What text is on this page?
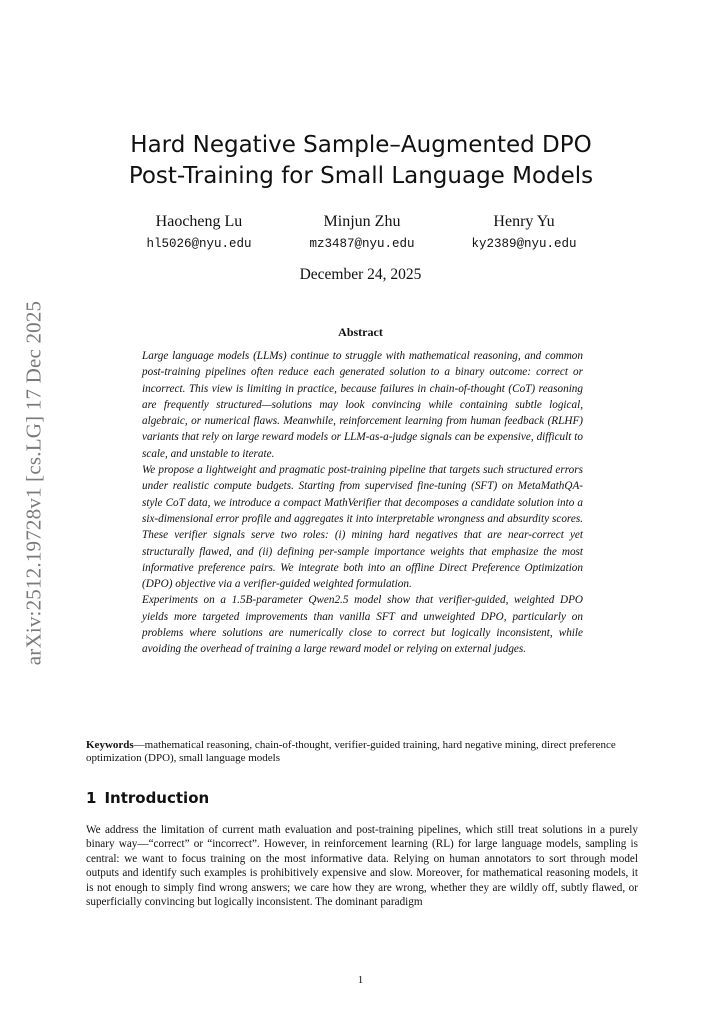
arXiv:2512.19728v1 [cs.LG] 17 Dec 2025
Hard Negative Sample–Augmented DPO
Post-Training for Small Language Models
Haocheng Lu
hl5026@nyu.edu
Minjun Zhu
mz3487@nyu.edu
Henry Yu
ky2389@nyu.edu
December 24, 2025
Abstract

Large language models (LLMs) continue to struggle with mathematical reasoning, and common post-training pipelines often reduce each generated solution to a binary outcome: correct or incorrect. This view is limiting in practice, because failures in chain-of-thought (CoT) reasoning are frequently structured—solutions may look convincing while containing subtle logical, algebraic, or numerical flaws. Meanwhile, reinforcement learning from human feedback (RLHF) variants that rely on large reward models or LLM-as-a-judge signals can be expensive, difficult to scale, and unstable to iterate.

We propose a lightweight and pragmatic post-training pipeline that targets such structured errors under realistic compute budgets. Starting from supervised fine-tuning (SFT) on MetaMathQA-style CoT data, we introduce a compact MathVerifier that decomposes a candidate solution into a six-dimensional error profile and aggregates it into interpretable wrongness and absurdity scores. These verifier signals serve two roles: (i) mining hard negatives that are near-correct yet structurally flawed, and (ii) defining per-sample importance weights that emphasize the most informative preference pairs. We integrate both into an offline Direct Preference Optimization (DPO) objective via a verifier-guided weighted formulation.

Experiments on a 1.5B-parameter Qwen2.5 model show that verifier-guided, weighted DPO yields more targeted improvements than vanilla SFT and unweighted DPO, particularly on problems where solutions are numerically close to correct but logically inconsistent, while avoiding the overhead of training a large reward model or relying on external judges.

Keywords—mathematical reasoning, chain-of-thought, verifier-guided training, hard negative mining, direct preference optimization (DPO), small language models
1 Introduction

We address the limitation of current math evaluation and post-training pipelines, which still treat solutions in a purely binary way—“correct” or “incorrect”. However, in reinforcement learning (RL) for large language models, sampling is central: we want to focus training on the most informative data. Relying on human annotators to sort through model outputs and identify such examples is prohibitively expensive and slow. Moreover, for mathematical reasoning models, it is not enough to simply find wrong answers; we care how they are wrong, whether they are wildly off, subtly flawed, or superficially convincing but logically inconsistent. The dominant paradigm

1
